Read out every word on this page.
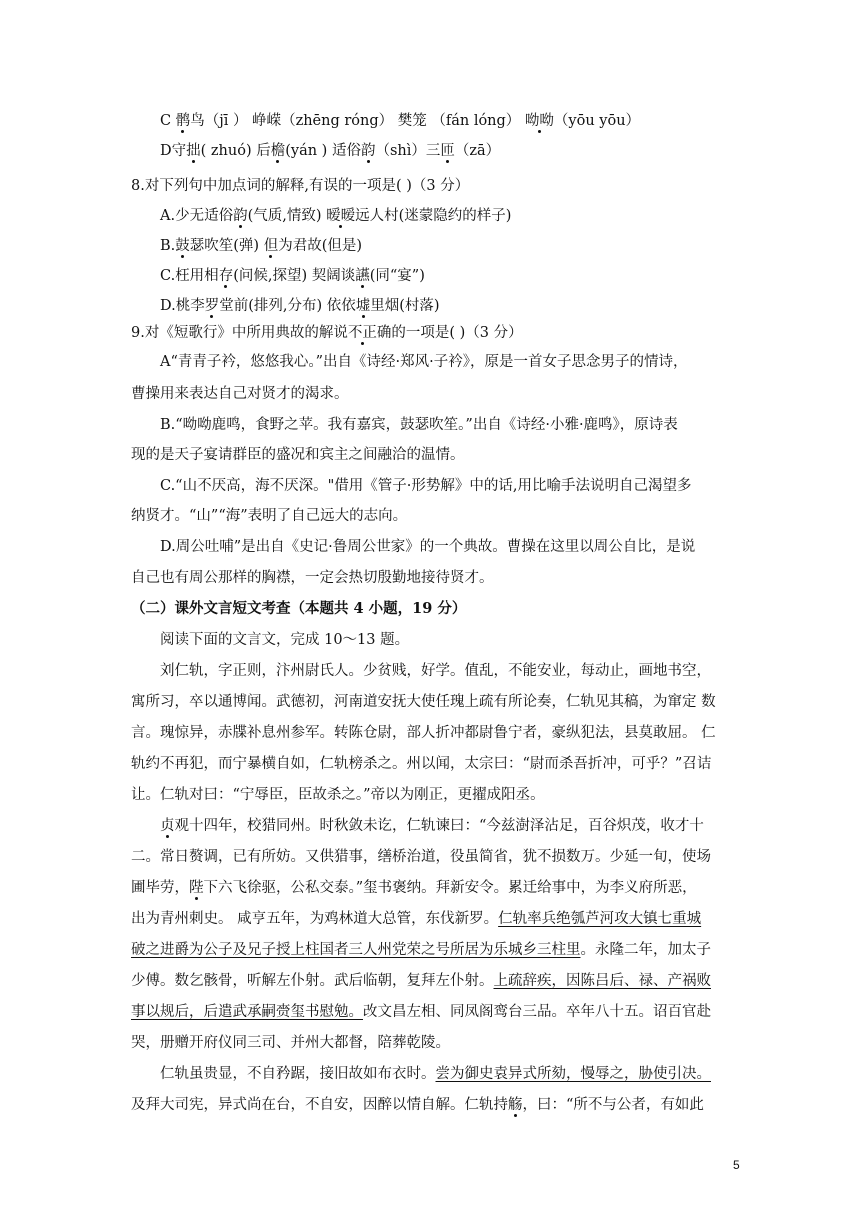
C 鹘鸟（jī ） 峥嵘（zhēng róng） 樊笼 （fán lóng） 呦呦（yōu yōu）
D守拙( zhuó) 后檐(yán ) 适俗韵（shì）三匝（zā）
8.对下列句中加点词的解释,有误的一项是( )（3 分）
A.少无适俗韵(气质,情致) 暧暧远人村(迷蒙隐约的样子)
B.鼓瑟吹笙(弹) 但为君故(但是)
C.枉用相存(问候,探望) 契阔谈讌(同“宴”)
D.桃李罗堂前(排列,分布) 依依墟里烟(村落)
9.对《短歌行》中所用典故的解说不正确的一项是( )（3 分）
A“青青子衿，悠悠我心。”出自《诗经·郑风·子衿》，原是一首女子思念男子的情诗，
曹操用来表达自己对贤才的渴求。
B.“呦呦鹿鸣，食野之苹。我有嘉宾，鼓瑟吹笙。”出自《诗经·小雅·鹿鸣》，原诗表
现的是天子宴请群臣的盛况和宾主之间融洽的温情。
C.“山不厌高，海不厌深。"借用《管子·形势解》中的话,用比喻手法说明自己渴望多
纳贤才。“山”“海”表明了自己远大的志向。
D.周公吐哺”是出自《史记·鲁周公世家》的一个典故。曹操在这里以周公自比，是说
自己也有周公那样的胸襟，一定会热切殷勤地接待贤才。
（二）课外文言短文考查（本题共 4 小题，19 分）
阅读下面的文言文，完成 10～13 题。
刘仁轨，字正则，汴州尉氏人。少贫贱，好学。值乱，不能安业，每动止，画地书空，
寓所习，卒以通博闻。武德初，河南道安抚大使任瑰上疏有所论奏，仁轨见其稿，为窜定 数
言。瑰惊异，赤牒补息州参军。转陈仓尉，部人折冲都尉鲁宁者，豪纵犯法，县莫敢屈。 仁
轨约不再犯，而宁暴横自如，仁轨榜杀之。州以闻，太宗曰：“尉而杀吾折冲，可乎？”召诘
让。仁轨对曰：“宁辱臣，臣故杀之。”帝以为刚正，更擢成阳丞。
贞观十四年，校猎同州。时秋敛未讫，仁轨谏曰：“今兹澍泽沾足，百谷炽茂，收才十
二。常日赘调，已有所妨。又供猎事，缮桥治道，役虽简省，犹不损数万。少延一旬，使场
圃毕劳，陛下六飞徐驱，公私交泰。”玺书褒纳。拜新安令。累迁给事中，为李义府所恶，
出为青州刺史。 咸亨五年，为鸡林道大总管，东伐新罗。仁轨率兵绝瓠芦河攻大镇七重城
破之进爵为公子及兄子授上柱国者三人州党荣之号所居为乐城乡三柱里。永隆二年，加太子
少傅。数乞骸骨，听解左仆射。武后临朝，复拜左仆射。上疏辞疾，因陈吕后、禄、产祸败
事以规后，后遣武承嗣赍玺书慰勉。改文昌左相、同凤阁鸾台三品。卒年八十五。诏百官赴
哭，册赠开府仪同三司、并州大都督，陪葬乾陵。
仁轨虽贵显，不自矜踞，接旧故如布衣时。尝为御史袁异式所劾，慢辱之，胁使引决。
及拜大司宪，异式尚在台，不自安，因醉以情自解。仁轨持觞，曰：“所不与公者，有如此
5
